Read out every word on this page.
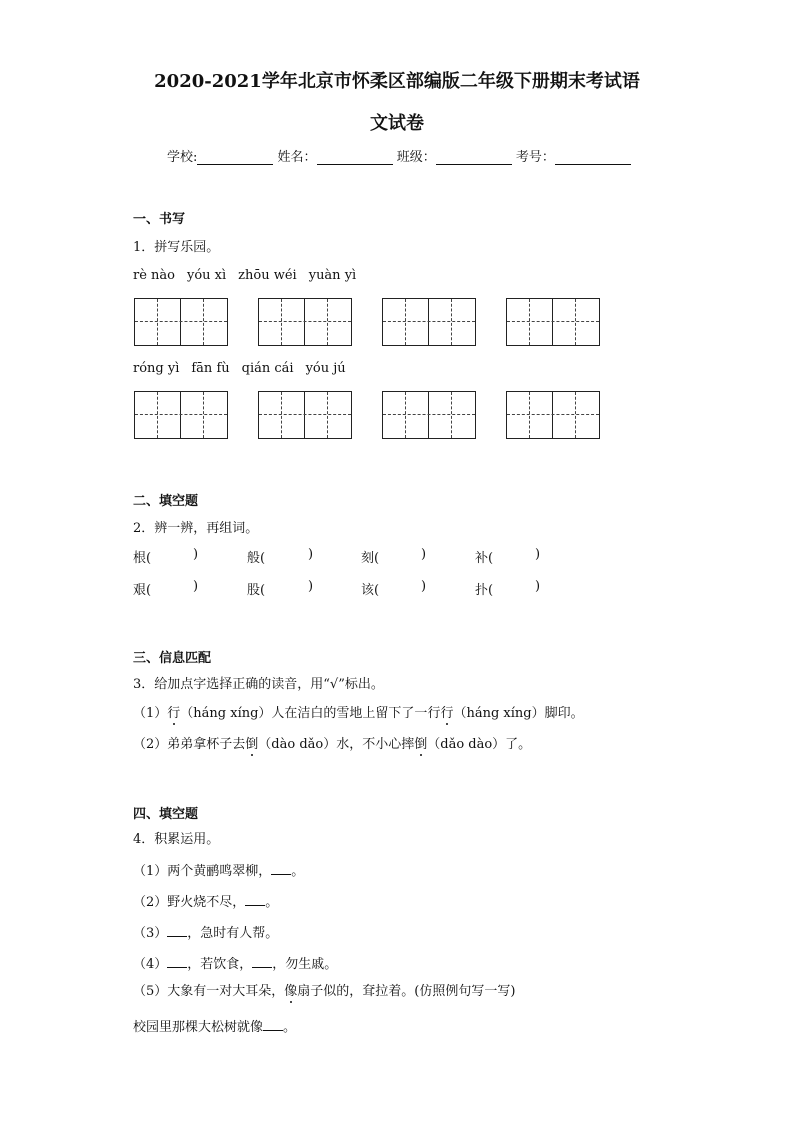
2020-2021学年北京市怀柔区部编版二年级下册期末考试语
文试卷
学校:	姓名：	班级：	考号：
一、书写
1．拼写乐园。
rè nào yóu xì zhōu wéi yuàn yì
róng yì fān fù qián cái yóu jú
二、填空题
2．辨一辨，再组词。
根(	)	般(	)	刻(	)	补(	)
艰(	)	股(	)	该(	)	扑(	)
三、信息匹配
3．给加点字选择正确的读音，用“√”标出。
（1）行（háng xíng）人在洁白的雪地上留下了一行行（háng xíng）脚印。
（2）弟弟拿杯子去倒（dào dǎo）水，不小心摔倒（dǎo dào）了。
四、填空题
4．积累运用。
（1）两个黄鹂鸣翠柳， 。
（2）野火烧不尽， 。
（3） ，急时有人帮。
（4） ，若饮食， ，勿生戚。
（5）大象有一对大耳朵，像扇子似的，耷拉着。(仿照例句写一写)
校园里那棵大松树就像 。
